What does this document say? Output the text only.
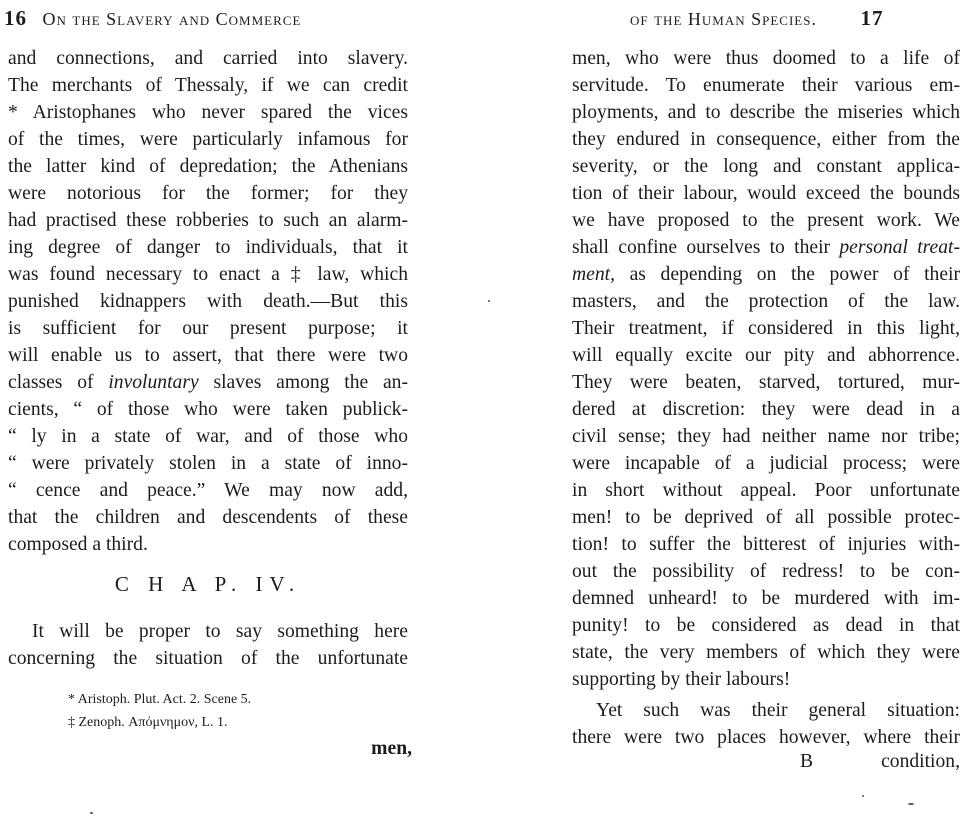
16 On the Slavery and Commerce
and connections, and carried into slavery.
The merchants of Thessaly, if we can credit
* Aristophanes who never spared the vices
of the times, were particularly infamous for
the latter kind of depredation; the Athenians
were notorious for the former; for they
had practised these robberies to such an alarm-
ing degree of danger to individuals, that it
was found necessary to enact a ‡ law, which
punished kidnappers with death.—But this
is sufficient for our present purpose; it
will enable us to assert, that there were two
classes of involuntary slaves among the an-
cients, “ of those who were taken publick-
“ ly in a state of war, and of those who
“ were privately stolen in a state of inno-
“ cence and peace.” We may now add,
that the children and descendents of these
composed a third.
C H A P. IV.
It will be proper to say something here
concerning the situation of the unfortunate
* Aristoph. Plut. Act. 2. Scene 5.
‡ Zenoph. Απόμνημον, L. 1.
men,
of the Human Species. 17
men, who were thus doomed to a life of
servitude. To enumerate their various em-
ployments, and to describe the miseries which
they endured in consequence, either from the
severity, or the long and constant applica-
tion of their labour, would exceed the bounds
we have proposed to the present work. We
shall confine ourselves to their personal treat-
ment, as depending on the power of their
masters, and the protection of the law.
Their treatment, if considered in this light,
will equally excite our pity and abhorrence.
They were beaten, starved, tortured, mur-
dered at discretion: they were dead in a
civil sense; they had neither name nor tribe;
were incapable of a judicial process; were
in short without appeal. Poor unfortunate
men! to be deprived of all possible protec-
tion! to suffer the bitterest of injuries with-
out the possibility of redress! to be con-
demned unheard! to be murdered with im-
punity! to be considered as dead in that
state, the very members of which they were
supporting by their labours!
Yet such was their general situation:
there were two places however, where their
B	condition,
